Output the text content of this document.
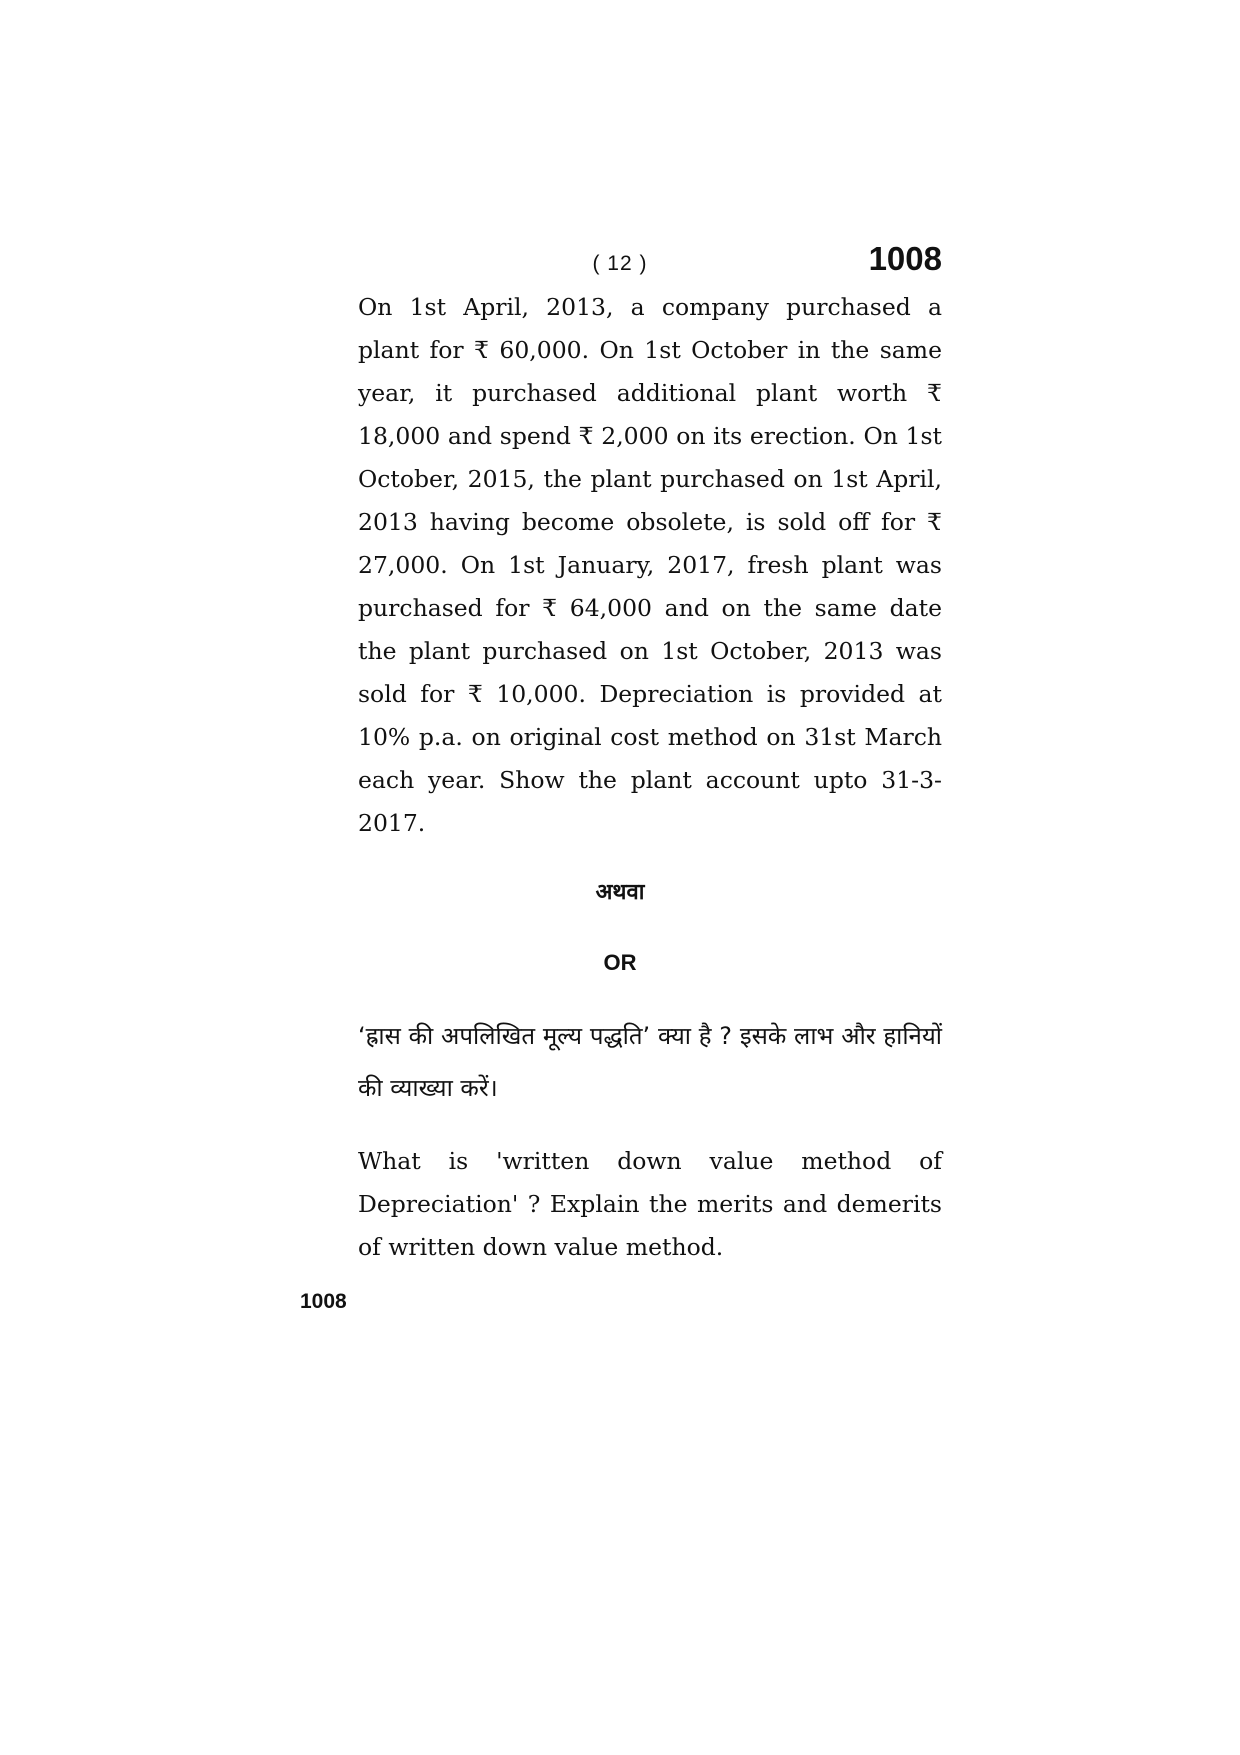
( 12 )	1008
On 1st April, 2013, a company purchased a plant for ₹ 60,000. On 1st October in the same year, it purchased additional plant worth ₹ 18,000 and spend ₹ 2,000 on its erection. On 1st October, 2015, the plant purchased on 1st April, 2013 having become obsolete, is sold off for ₹ 27,000. On 1st January, 2017, fresh plant was purchased for ₹ 64,000 and on the same date the plant purchased on 1st October, 2013 was sold for ₹ 10,000. Depreciation is provided at 10% p.a. on original cost method on 31st March each year. Show the plant account upto 31-3-2017.
अथवा
OR
‘ह्रास की अपलिखित मूल्य पद्धति’ क्या है ? इसके लाभ और हानियों की व्याख्या करें।
What is 'written down value method of Depreciation' ? Explain the merits and demerits of written down value method.
1008
